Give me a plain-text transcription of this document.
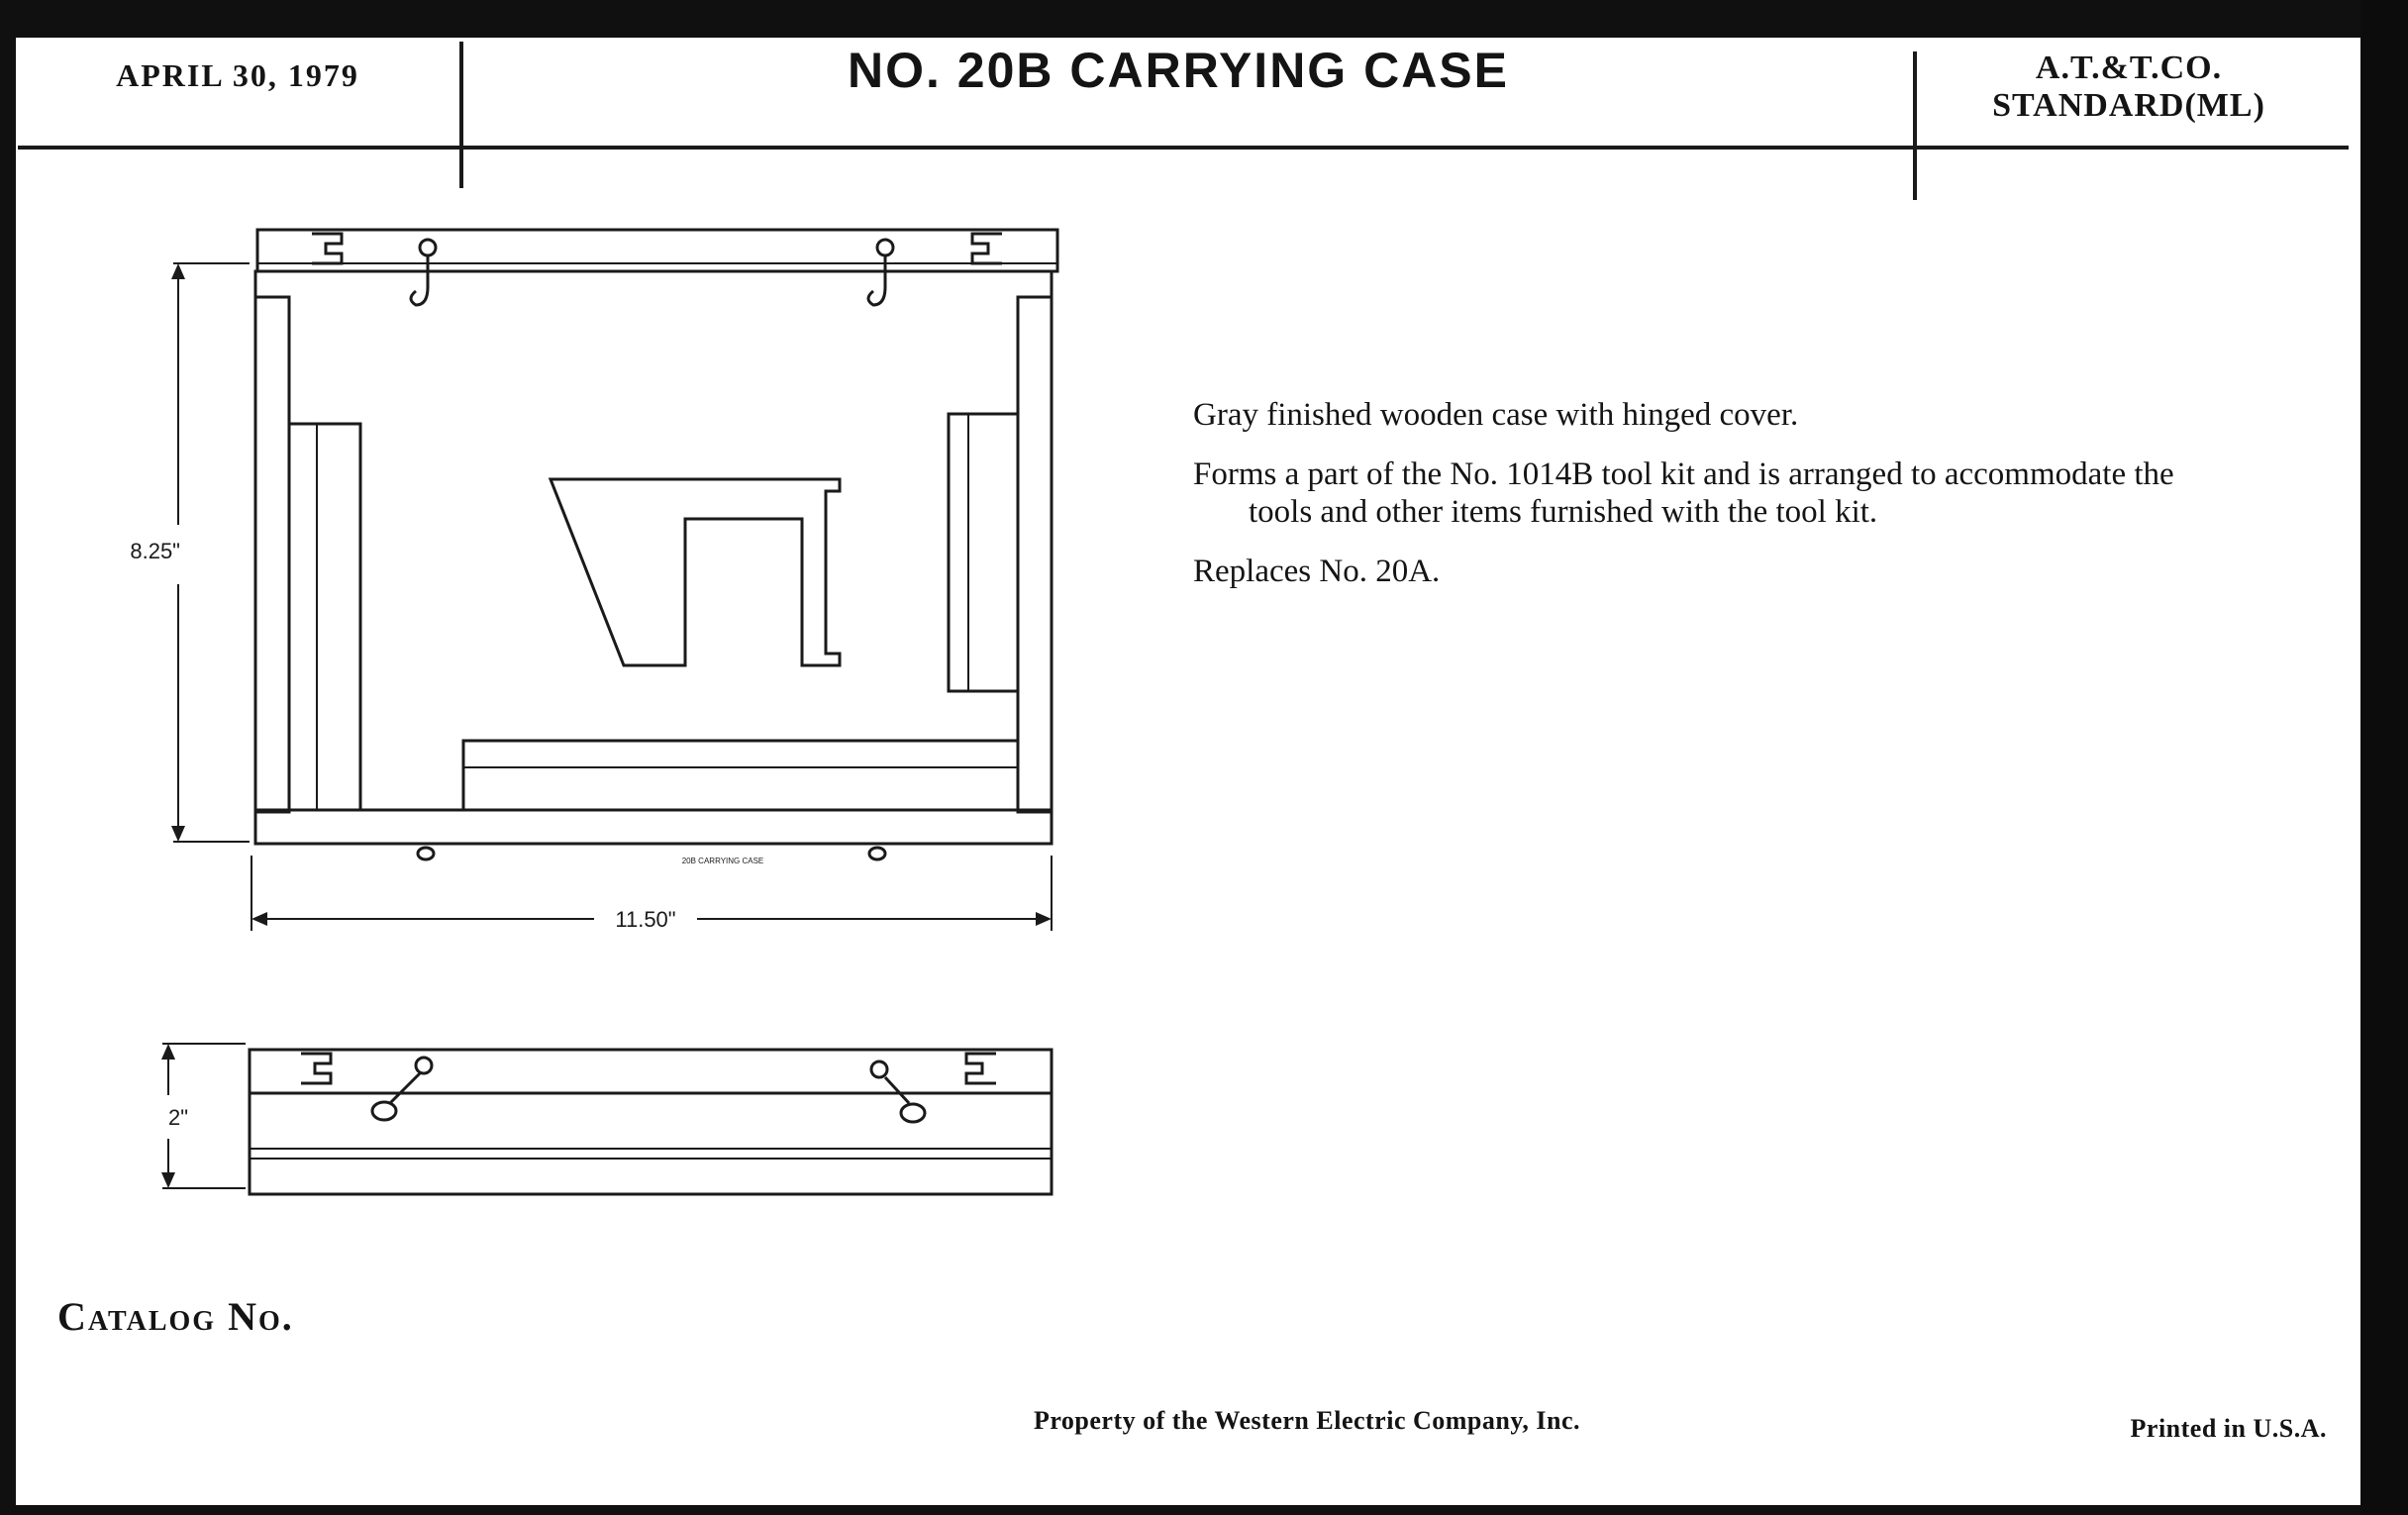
APRIL 30, 1979	NO. 20B CARRYING CASE	A.T.&T.CO.
STANDARD(ML)

Gray finished wooden case with hinged cover.

Forms a part of the No. 1014B tool kit and is arranged to accommodate the tools and other items furnished with the tool kit.

Replaces No. 20A.

8.25"
11.50"
2"
20B CARRYING CASE
Catalog No.
Property of the Western Electric Company, Inc.	Printed in U.S.A.
